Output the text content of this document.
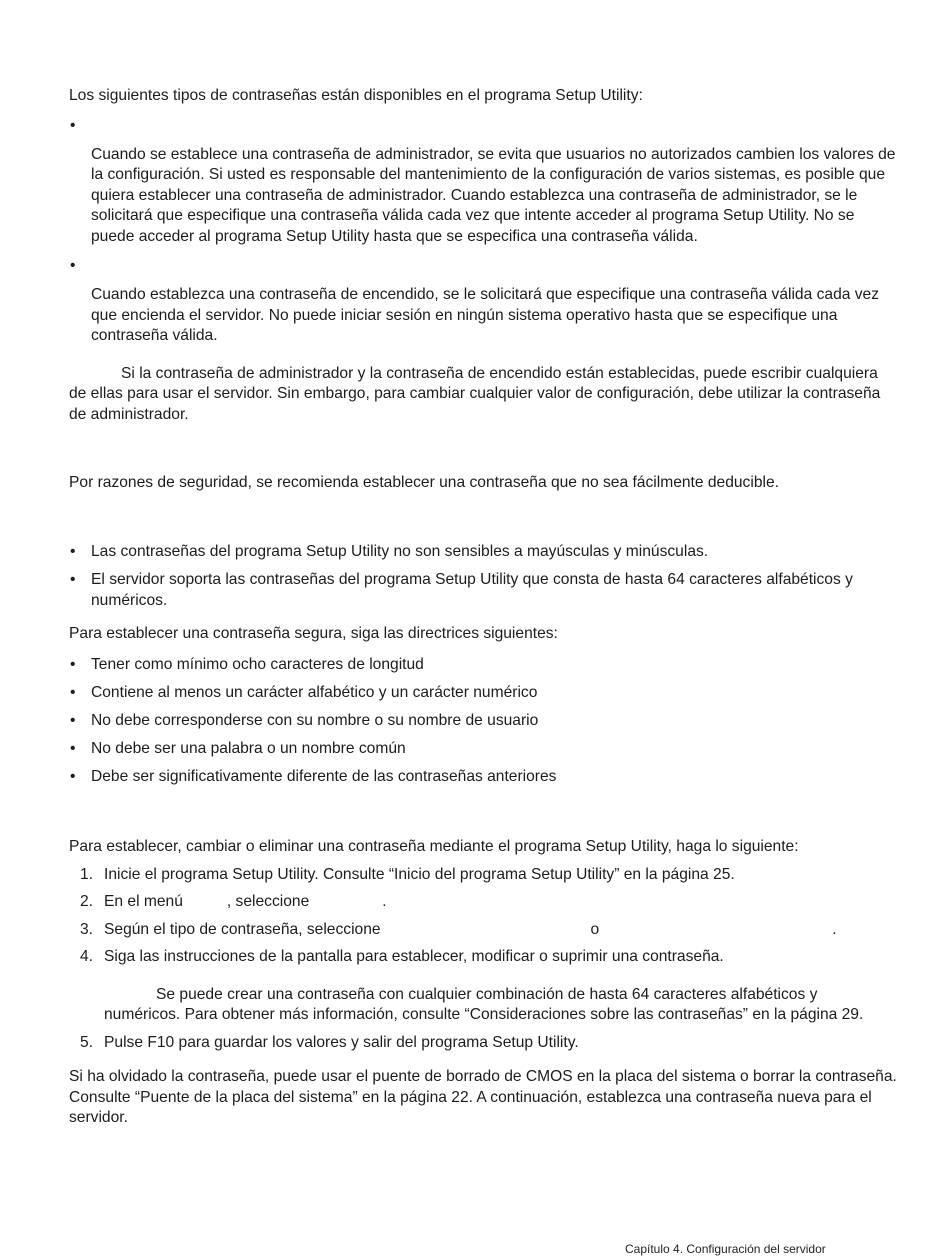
Los siguientes tipos de contraseñas están disponibles en el programa Setup Utility:

•

Cuando se establece una contraseña de administrador, se evita que usuarios no autorizados cambien los valores de la configuración. Si usted es responsable del mantenimiento de la configuración de varios sistemas, es posible que quiera establecer una contraseña de administrador. Cuando establezca una contraseña de administrador, se le solicitará que especifique una contraseña válida cada vez que intente acceder al programa Setup Utility. No se puede acceder al programa Setup Utility hasta que se especifica una contraseña válida.

•

Cuando establezca una contraseña de encendido, se le solicitará que especifique una contraseña válida cada vez que encienda el servidor. No puede iniciar sesión en ningún sistema operativo hasta que se especifique una contraseña válida.

Si la contraseña de administrador y la contraseña de encendido están establecidas, puede escribir cualquiera de ellas para usar el servidor. Sin embargo, para cambiar cualquier valor de configuración, debe utilizar la contraseña de administrador.

Por razones de seguridad, se recomienda establecer una contraseña que no sea fácilmente deducible.

• Las contraseñas del programa Setup Utility no son sensibles a mayúsculas y minúsculas.

• El servidor soporta las contraseñas del programa Setup Utility que consta de hasta 64 caracteres alfabéticos y numéricos.

Para establecer una contraseña segura, siga las directrices siguientes:

• Tener como mínimo ocho caracteres de longitud

• Contiene al menos un carácter alfabético y un carácter numérico

• No debe corresponderse con su nombre o su nombre de usuario

• No debe ser una palabra o un nombre común

• Debe ser significativamente diferente de las contraseñas anteriores

Para establecer, cambiar o eliminar una contraseña mediante el programa Setup Utility, haga lo siguiente:

1. Inicie el programa Setup Utility. Consulte “Inicio del programa Setup Utility” en la página 25.

2. En el menú	, seleccione	.

3. Según el tipo de contraseña, seleccione	o	.

4. Siga las instrucciones de la pantalla para establecer, modificar o suprimir una contraseña.

Se puede crear una contraseña con cualquier combinación de hasta 64 caracteres alfabéticos y numéricos. Para obtener más información, consulte “Consideraciones sobre las contraseñas” en la página 29.

5. Pulse F10 para guardar los valores y salir del programa Setup Utility.

Si ha olvidado la contraseña, puede usar el puente de borrado de CMOS en la placa del sistema o borrar la contraseña. Consulte “Puente de la placa del sistema” en la página 22. A continuación, establezca una contraseña nueva para el servidor.

Capítulo 4. Configuración del servidor
